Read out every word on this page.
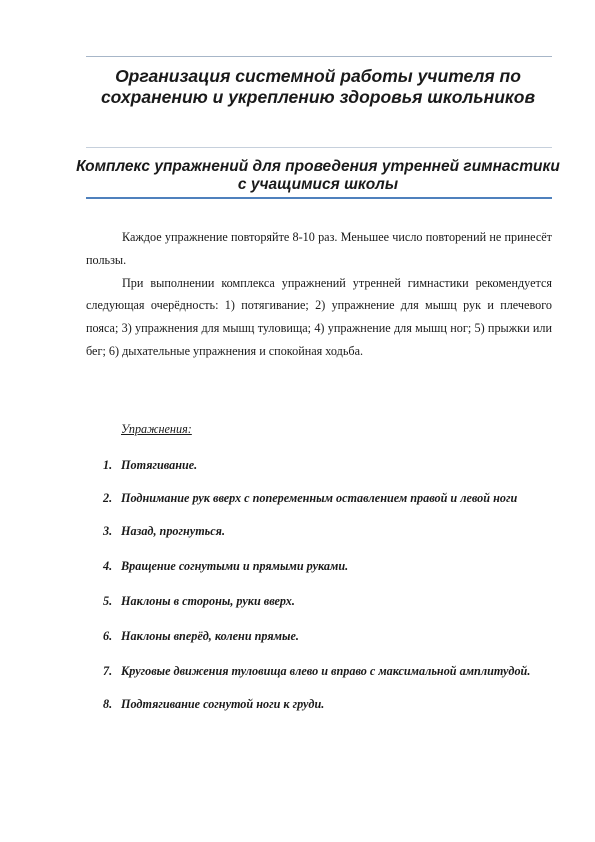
Организация системной работы учителя по сохранению и укреплению здоровья школьников
Комплекс упражнений для проведения утренней гимнастики с учащимися школы

Каждое упражнение повторяйте 8-10 раз. Меньшее число повторений не принесёт пользы.

При выполнении комплекса упражнений утренней гимнастики рекомендуется следующая очерёдность: 1) потягивание; 2) упражнение для мышц рук и плечевого пояса; 3) упражнения для мышц туловища; 4) упражнение для мышц ног; 5) прыжки или бег; 6) дыхательные упражнения и спокойная ходьба.

Упражнения:

1. Потягивание.
2. Поднимание рук вверх с попеременным оставлением правой и левой ноги
3. Назад, прогнуться.
4. Вращение согнутыми и прямыми руками.
5. Наклоны в стороны, руки вверх.
6. Наклоны вперёд, колени прямые.
7. Круговые движения туловища влево и вправо с максимальной амплитудой.
8. Подтягивание согнутой ноги к груди.
